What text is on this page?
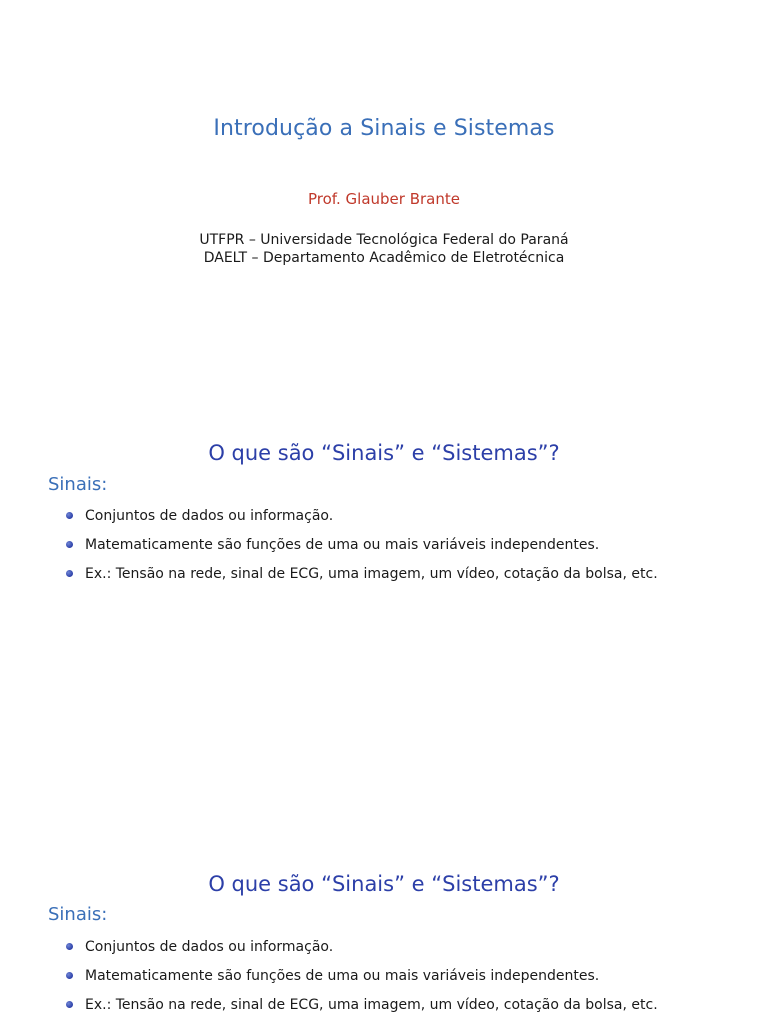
Introdução a Sinais e Sistemas
Prof. Glauber Brante
UTFPR – Universidade Tecnológica Federal do Paraná
DAELT – Departamento Acadêmico de Eletrotécnica
O que são “Sinais” e “Sistemas”?
Sinais:
Conjuntos de dados ou informação.
Matematicamente são funções de uma ou mais variáveis independentes.
Ex.: Tensão na rede, sinal de ECG, uma imagem, um vídeo, cotação da bolsa, etc.
O que são “Sinais” e “Sistemas”?
Sinais:
Conjuntos de dados ou informação.
Matematicamente são funções de uma ou mais variáveis independentes.
Ex.: Tensão na rede, sinal de ECG, uma imagem, um vídeo, cotação da bolsa, etc.
